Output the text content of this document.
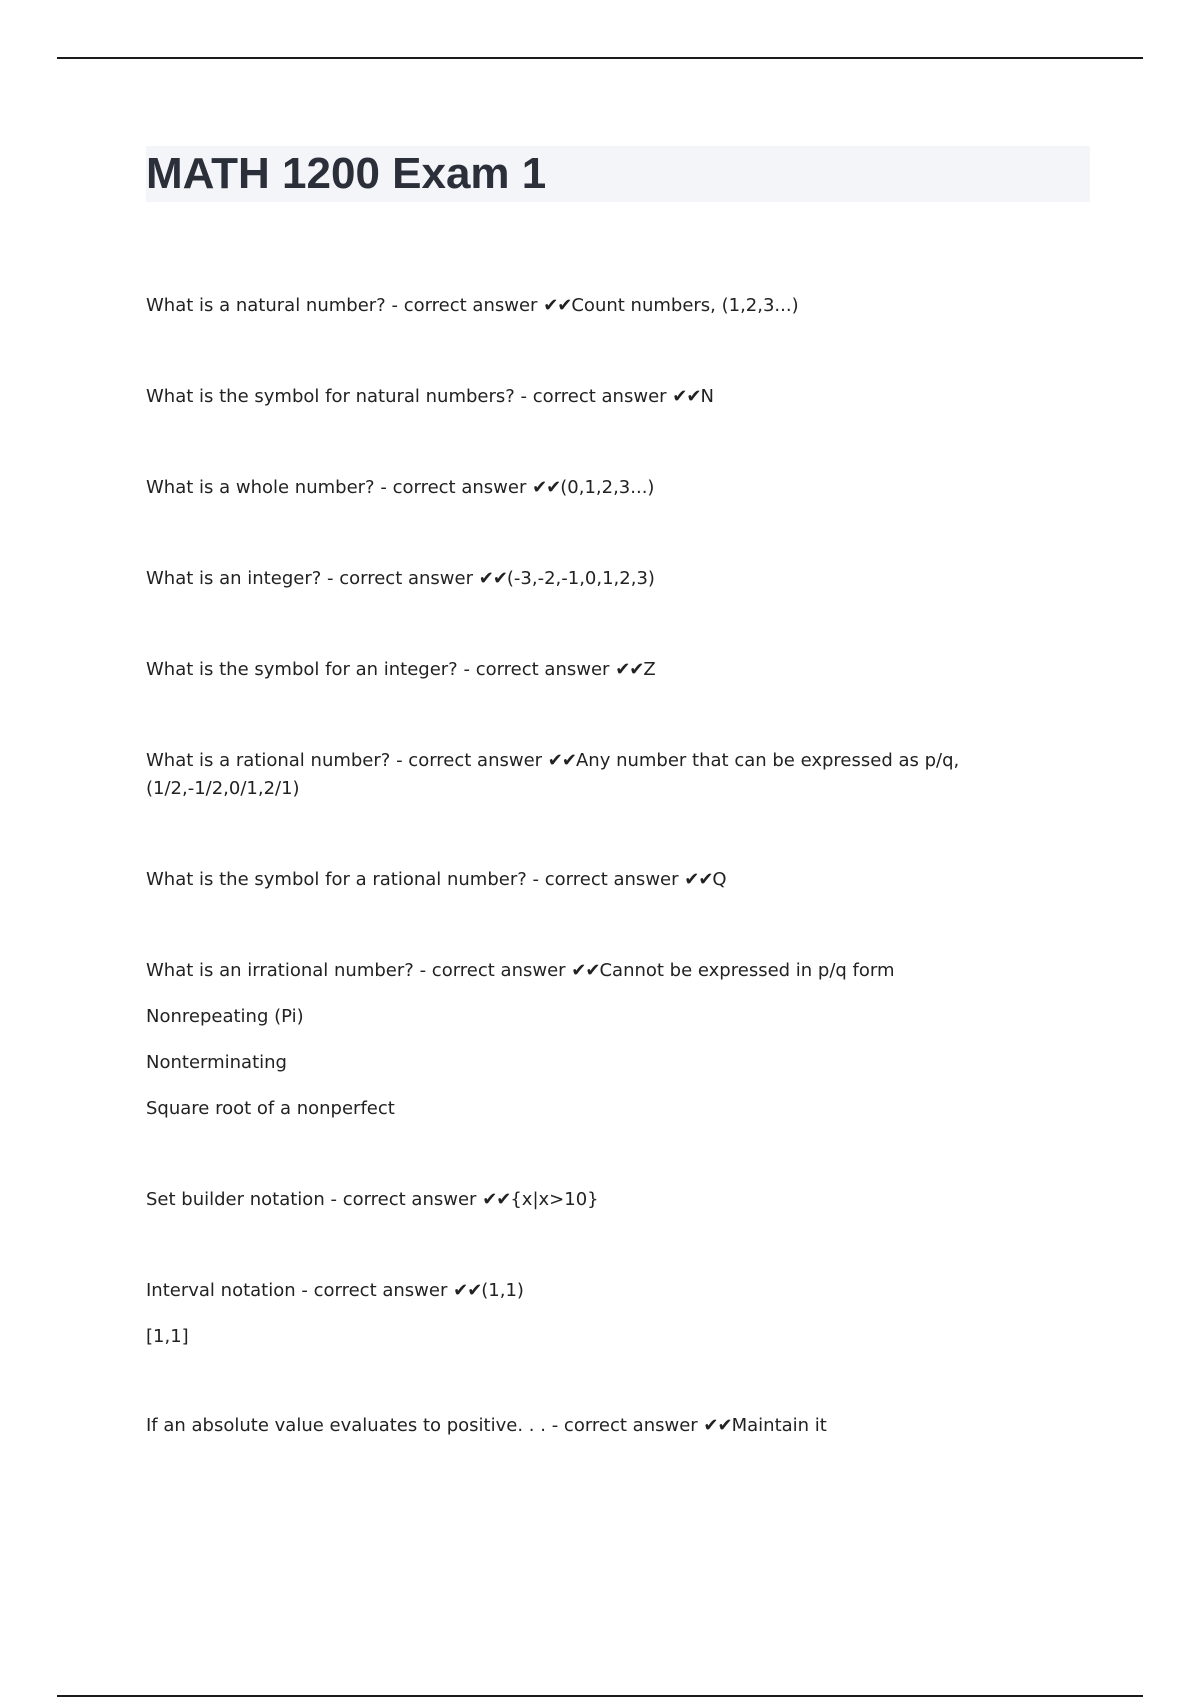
MATH 1200 Exam 1

What is a natural number? - correct answer ✔✔Count numbers, (1,2,3...)

What is the symbol for natural numbers? - correct answer ✔✔N

What is a whole number? - correct answer ✔✔(0,1,2,3...)

What is an integer? - correct answer ✔✔(-3,-2,-1,0,1,2,3)

What is the symbol for an integer? - correct answer ✔✔Z

What is a rational number? - correct answer ✔✔Any number that can be expressed as p/q, (1/2,-1/2,0/1,2/1)

What is the symbol for a rational number? - correct answer ✔✔Q

What is an irrational number? - correct answer ✔✔Cannot be expressed in p/q form

Nonrepeating (Pi)

Nonterminating

Square root of a nonperfect

Set builder notation - correct answer ✔✔{x|x>10}

Interval notation - correct answer ✔✔(1,1)

[1,1]

If an absolute value evaluates to positive. . . - correct answer ✔✔Maintain it
